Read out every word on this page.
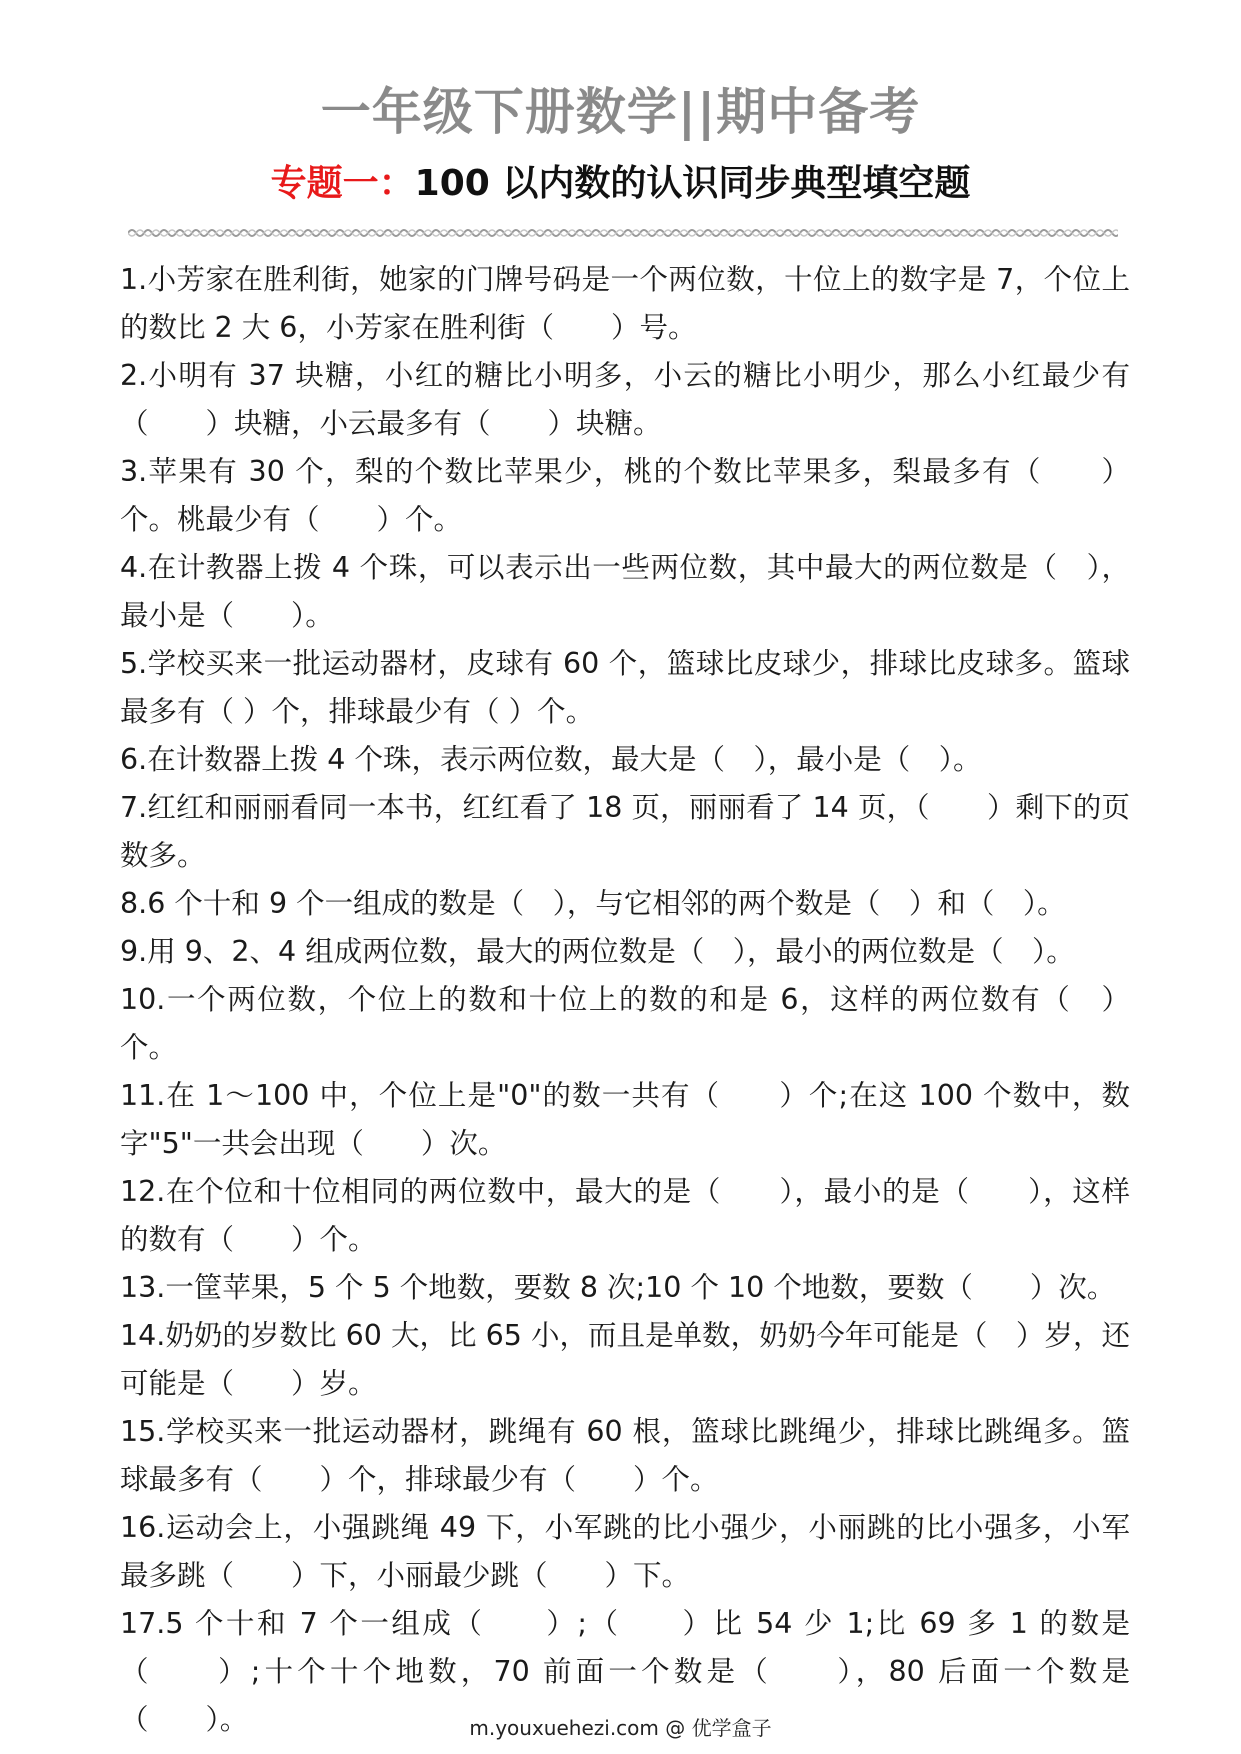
一年级下册数学||期中备考
专题一：100 以内数的认识同步典型填空题

1.小芳家在胜利街，她家的门牌号码是一个两位数，十位上的数字是 7，个位上的数比 2 大 6，小芳家在胜利街（　　）号。

2.小明有 37 块糖，小红的糖比小明多，小云的糖比小明少，那么小红最少有（　　）块糖，小云最多有（　　）块糖。

3.苹果有 30 个，梨的个数比苹果少，桃的个数比苹果多，梨最多有（　　）个。桃最少有（　　）个。

4.在计教器上拨 4 个珠，可以表示出一些两位数，其中最大的两位数是（　），最小是（　　）。

5.学校买来一批运动器材，皮球有 60 个，篮球比皮球少，排球比皮球多。篮球最多有（ ）个，排球最少有（ ）个。

6.在计数器上拨 4 个珠，表示两位数，最大是（　），最小是（　）。

7.红红和丽丽看同一本书，红红看了 18 页，丽丽看了 14 页，（　　）剩下的页数多。

8.6 个十和 9 个一组成的数是（　），与它相邻的两个数是（　）和（　）。

9.用 9、2、4 组成两位数，最大的两位数是（　），最小的两位数是（　）。

10.一个两位数，个位上的数和十位上的数的和是 6，这样的两位数有（　）个。

11.在 1～100 中，个位上是"0"的数一共有（　　）个;在这 100 个数中，数字"5"一共会出现（　　）次。

12.在个位和十位相同的两位数中，最大的是（　　），最小的是（　　），这样的数有（　　）个。

13.一筐苹果，5 个 5 个地数，要数 8 次;10 个 10 个地数，要数（　　）次。

14.奶奶的岁数比 60 大，比 65 小，而且是单数，奶奶今年可能是（　）岁，还可能是（　　）岁。

15.学校买来一批运动器材，跳绳有 60 根，篮球比跳绳少，排球比跳绳多。篮球最多有（　　）个，排球最少有（　　）个。

16.运动会上，小强跳绳 49 下，小军跳的比小强少，小丽跳的比小强多，小军最多跳（　　）下，小丽最少跳（　　）下。

17.5 个十和 7 个一组成（　　）;（　　）比 54 少 1;比 69 多 1 的数是（　　）;十个十个地数，70 前面一个数是（　　），80 后面一个数是（　　）。	m.youxuehezi.com @ 优学盒子
